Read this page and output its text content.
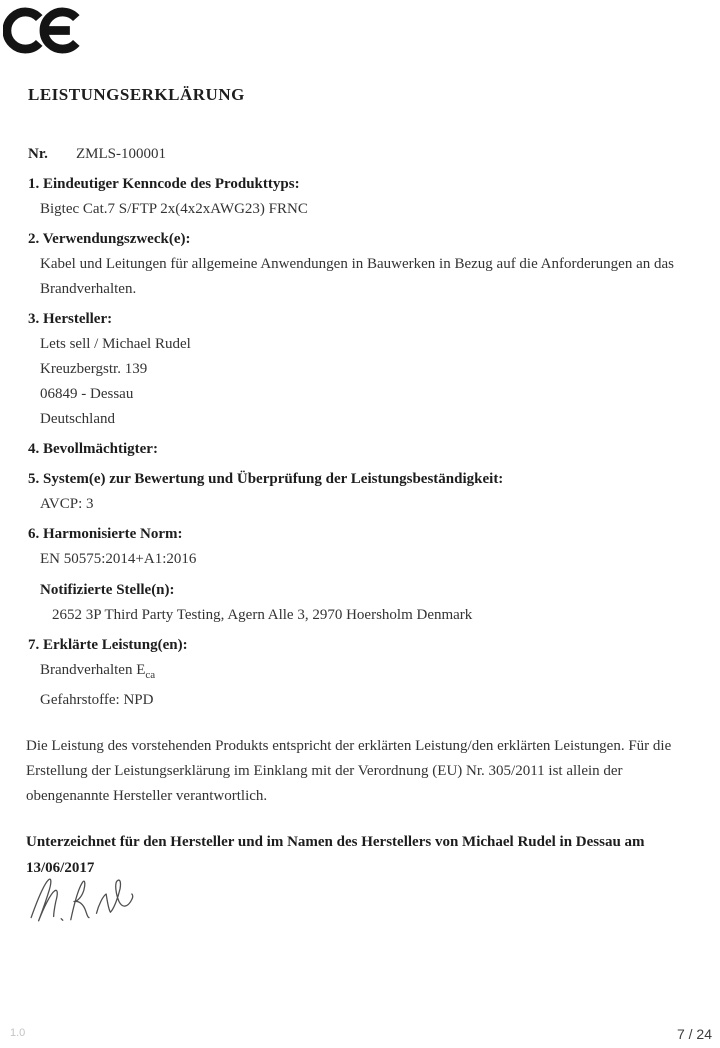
LEISTUNGSERKLÄRUNG
Nr. ZMLS-100001
1. Eindeutiger Kenncode des Produkttyps:
Bigtec Cat.7 S/FTP 2x(4x2xAWG23) FRNC
2. Verwendungszweck(e):
Kabel und Leitungen für allgemeine Anwendungen in Bauwerken in Bezug auf die Anforderungen an das Brandverhalten.
3. Hersteller:
Lets sell / Michael Rudel
Kreuzbergstr. 139
06849 - Dessau
Deutschland
4. Bevollmächtigter:
5. System(e) zur Bewertung und Überprüfung der Leistungsbeständigkeit:
AVCP: 3
6. Harmonisierte Norm:
EN 50575:2014+A1:2016
Notifizierte Stelle(n):
2652 3P Third Party Testing, Agern Alle 3, 2970 Hoersholm Denmark
7. Erklärte Leistung(en):
Brandverhalten $E_{ca}$
Gefahrstoffe: NPD

Die Leistung des vorstehenden Produkts entspricht der erklärten Leistung/den erklärten Leistungen. Für die Erstellung der Leistungserklärung im Einklang mit der Verordnung (EU) Nr. 305/2011 ist allein der obengenannte Hersteller verantwortlich.

Unterzeichnet für den Hersteller und im Namen des Herstellers von Michael Rudel in Dessau am 13/06/2017

1.0	7 / 24
